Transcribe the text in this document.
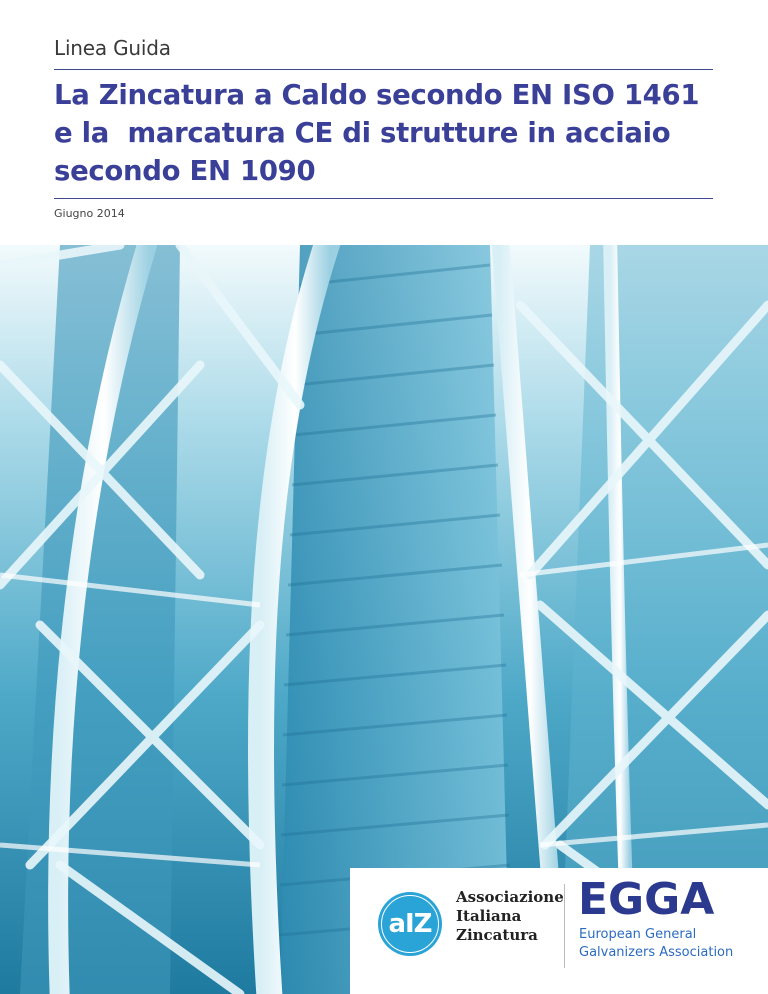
Linea Guida
La Zincatura a Caldo secondo EN ISO 1461
e la  marcatura CE di strutture in acciaio
secondo EN 1090
Giugno 2014
aIZ
Associazione
Italiana
Zincatura
EGGA
European General
Galvanizers Association
